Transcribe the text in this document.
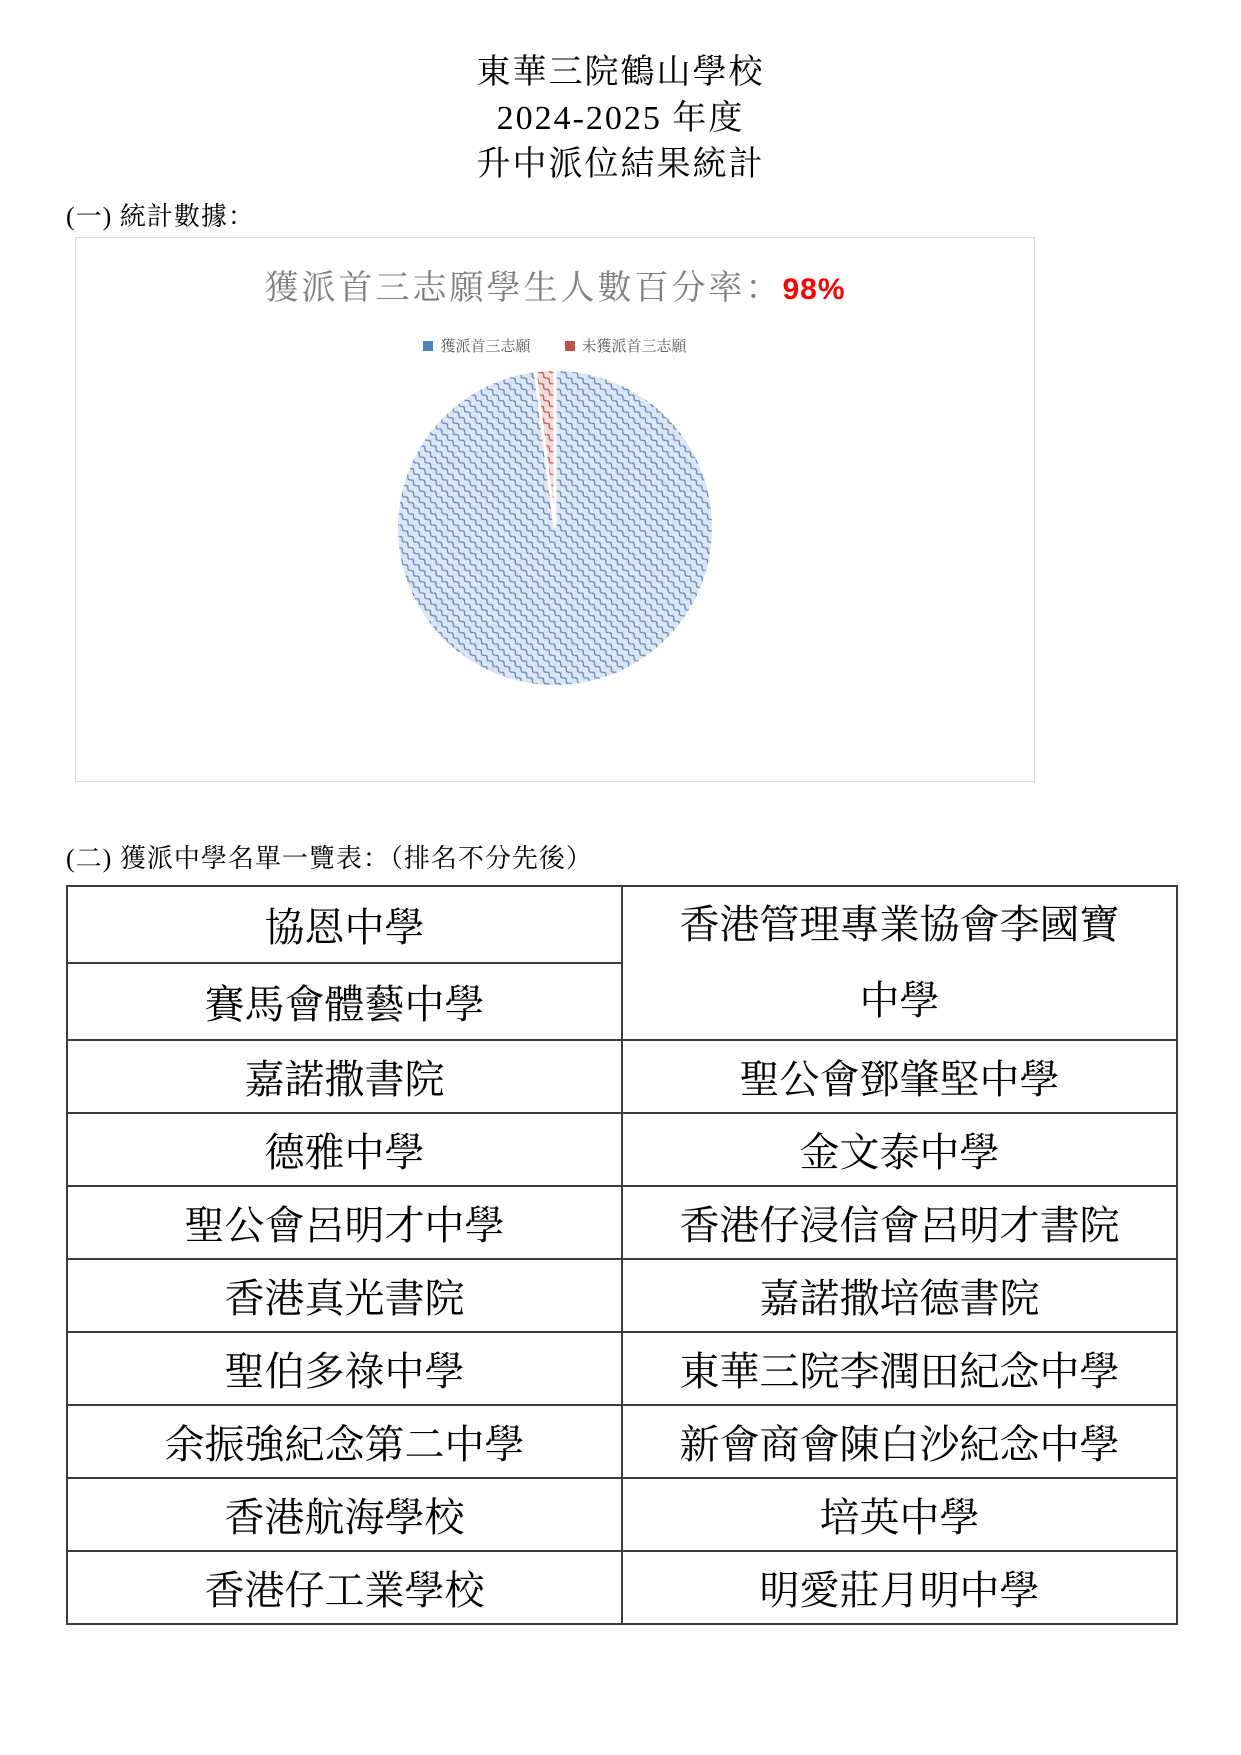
東華三院鶴山學校
2024-2025 年度
升中派位結果統計
(一) 統計數據：
獲派首三志願學生人數百分率：98%
獲派首三志願	未獲派首三志願
(二) 獲派中學名單一覽表：（排名不分先後）
協恩中學	香港管理專業協會李國寶中學
賽馬會體藝中學	
嘉諾撒書院	聖公會鄧肇堅中學
德雅中學	金文泰中學
聖公會呂明才中學	香港仔浸信會呂明才書院
香港真光書院	嘉諾撒培德書院
聖伯多祿中學	東華三院李潤田紀念中學
余振強紀念第二中學	新會商會陳白沙紀念中學
香港航海學校	培英中學
香港仔工業學校	明愛莊月明中學
